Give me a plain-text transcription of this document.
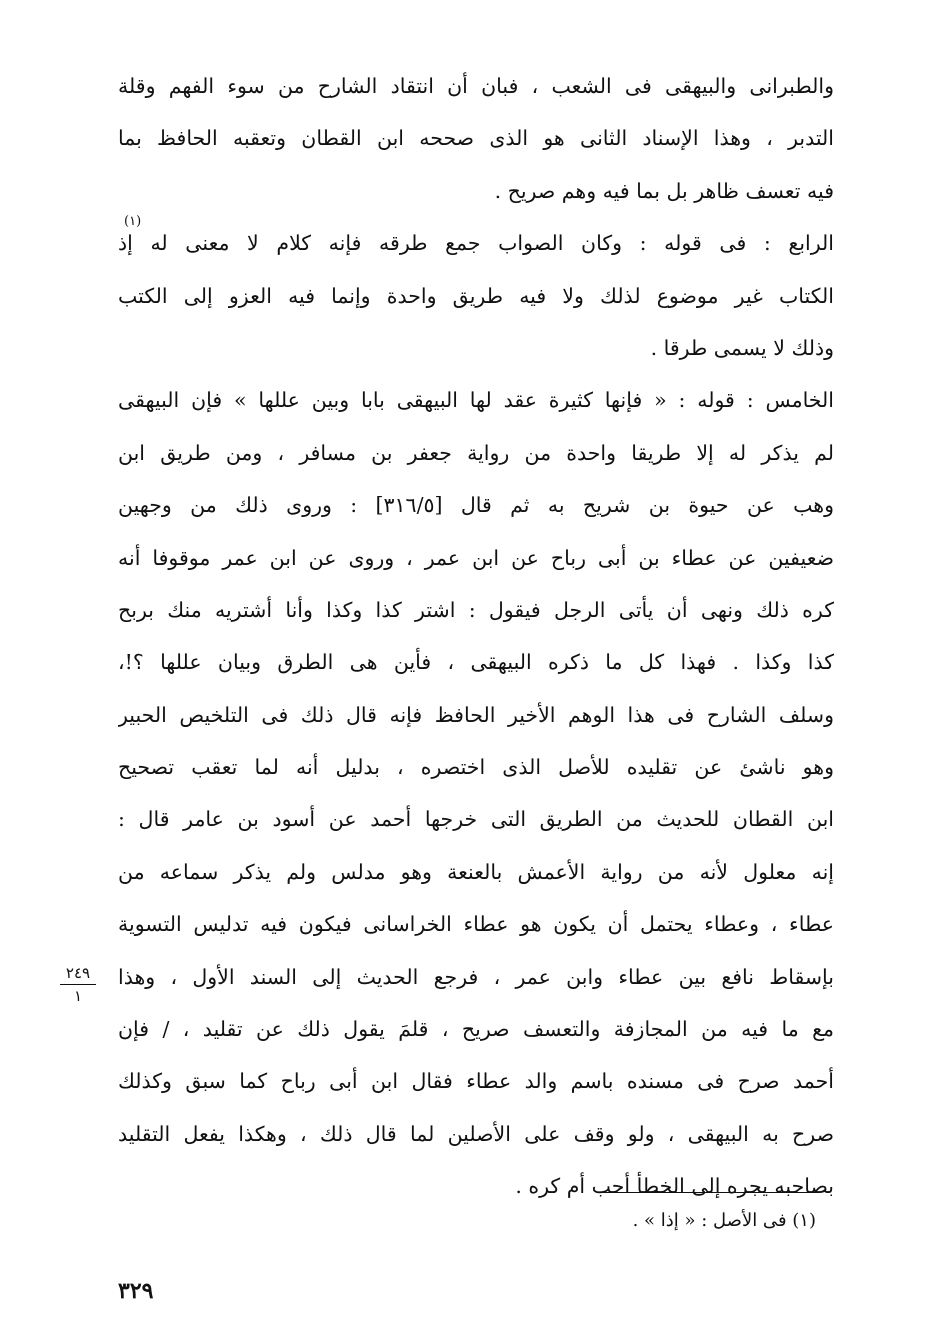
والطبرانى والبيهقى فى الشعب ، فبان أن انتقاد الشارح من سوء الفهم وقلة
التدبر ، وهذا الإسناد الثانى هو الذى صححه ابن القطان وتعقبه الحافظ بما
فيه تعسف ظاهر بل بما فيه وهم صريح .
الرابع : فى قوله : وكان الصواب جمع طرقه فإنه كلام لا معنى له إذ
الكتاب غير موضوع لذلك ولا فيه طريق واحدة وإنما فيه العزو إلى الكتب
وذلك لا يسمى طرقا .
الخامس : قوله : « فإنها كثيرة عقد لها البيهقى بابا وبين عللها » فإن البيهقى
لم يذكر له إلا طريقا واحدة من رواية جعفر بن مسافر ، ومن طريق ابن
وهب عن حيوة بن شريح به ثم قال [٣١٦/٥] : وروى ذلك من وجهين
ضعيفين عن عطاء بن أبى رباح عن ابن عمر ، وروى عن ابن عمر موقوفا أنه
كره ذلك ونهى أن يأتى الرجل فيقول : اشتر كذا وكذا وأنا أشتريه منك بربح
كذا وكذا . فهذا كل ما ذكره البيهقى ، فأين هى الطرق وبيان عللها ؟!،
وسلف الشارح فى هذا الوهم الأخير الحافظ فإنه قال ذلك فى التلخيص الحبير
وهو ناشئ عن تقليده للأصل الذى اختصره ، بدليل أنه لما تعقب تصحيح
ابن القطان للحديث من الطريق التى خرجها أحمد عن أسود بن عامر قال :
إنه معلول لأنه من رواية الأعمش بالعنعة وهو مدلس ولم يذكر سماعه من
عطاء ، وعطاء يحتمل أن يكون هو عطاء الخراسانى فيكون فيه تدليس التسوية
بإسقاط نافع بين عطاء وابن عمر ، فرجع الحديث إلى السند الأول ، وهذا
مع ما فيه من المجازفة والتعسف صريح ، قلمَ يقول ذلك عن تقليد ، / فإن
أحمد صرح فى مسنده باسم والد عطاء فقال ابن أبى رباح كما سبق وكذلك
صرح به البيهقى ، ولو وقف على الأصلين لما قال ذلك ، وهكذا يفعل التقليد
بصاحبه يجره إلى الخطأ أحب أم كره .
(١)
٢٤٩
١
(١) فى الأصل : « إذا » .
٣٢٩
